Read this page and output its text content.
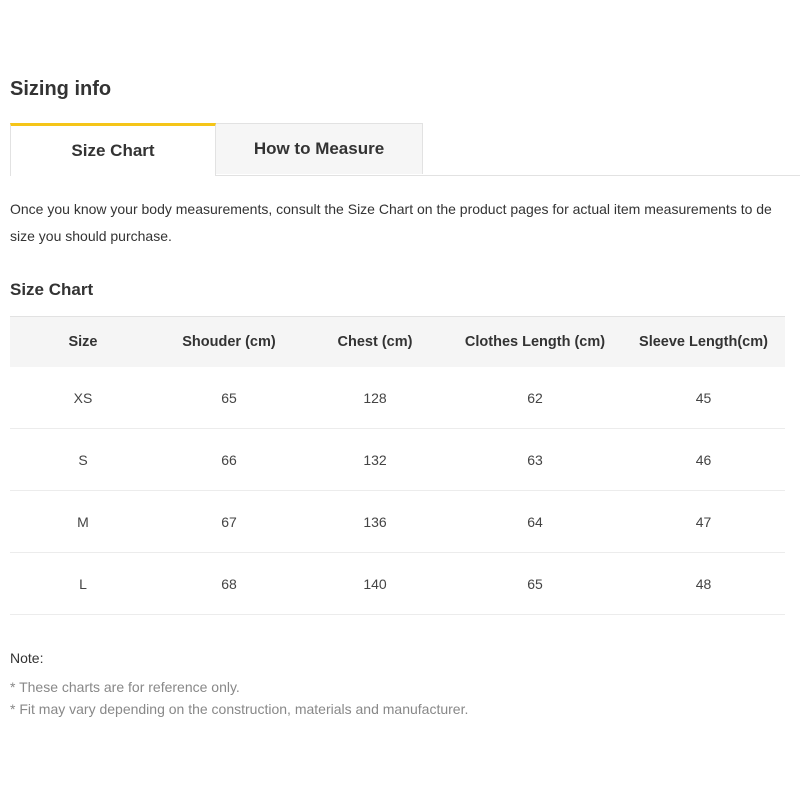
Sizing info
Size Chart	How to Measure

Once you know your body measurements, consult the Size Chart on the product pages for actual item measurements to de
size you should purchase.

Size Chart
Size	Shouder (cm)	Chest (cm)	Clothes Length (cm)	Sleeve Length(cm)
XS	65	128	62	45
S	66	132	63	46
M	67	136	64	47
L	68	140	65	48

Note:

* These charts are for reference only.
* Fit may vary depending on the construction, materials and manufacturer.
